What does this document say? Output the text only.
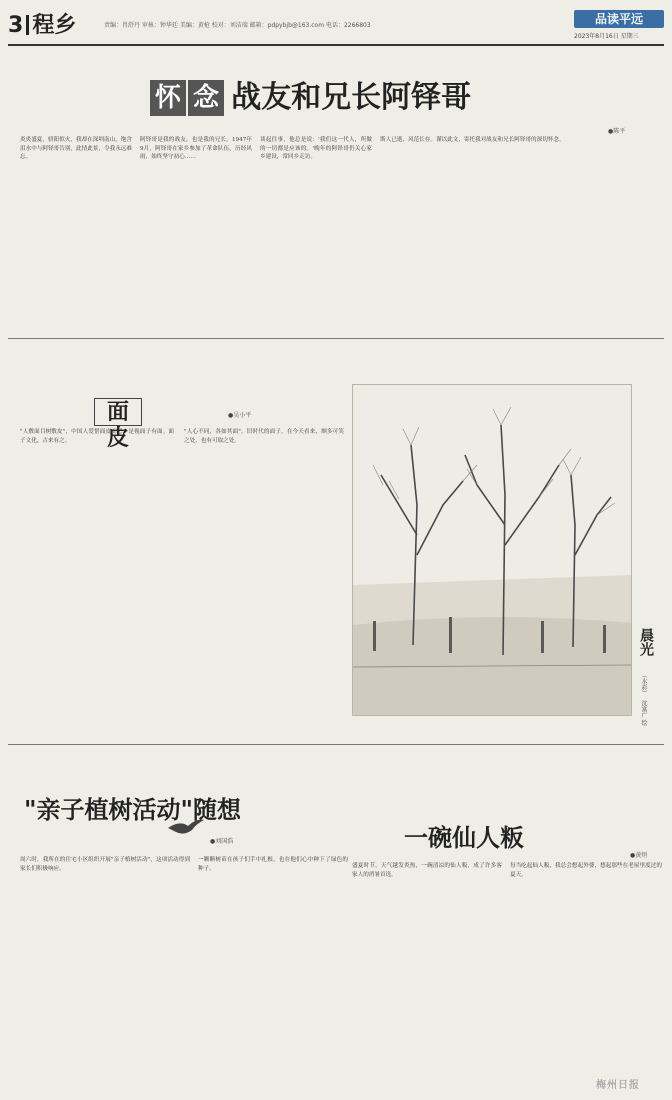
3 程乡	责编：肖舒丹 审核：钟华廷 美编：黄枪 校对：刘洁瑞 邮箱：pdpybjb@163.com 电话：2266803	品读平远
2023年8月16日 星期三
怀 念 战友和兄长阿铎哥
●陈平
炎炎盛夏，骄阳似火，我却在深圳南山，饱含泪水中与阿铎哥告别，此情此景，令我永远难忘。
阿铎哥是我的战友，也是我的兄长。1947年9月，阿铎哥在家乡参加了革命队伍，历经风雨，始终坚守初心……
谈起往事，他总是说：'我们这一代人，所做的一切都是应该的。'晚年的阿铎哥仍关心家乡建设，常回乡走访。
斯人已逝，风范长存。谨以此文，寄托我对战友和兄长阿铎哥的深切怀念。
面 皮
●吴小平
"人敷面目树敷皮"，中国人爱惜面皮而恶，是视面子有面。面子文化，古来有之。
"人心不同，各如其面"。旧时代的面子，在今天看来，颇多可笑之处，也有可取之处。
晨光
（水彩）
沈富广 绘
"亲子植树活动"随想
●刘国浩
周六时，我所在的住宅小区组织开展"亲子植树活动"，这项活动得到家长们积极响应。
一颗颗树苗在孩子们手中扎根，也在他们心中种下了绿色的种子。
一碗仙人粄
●黄烜
盛夏时节，天气越发炎热，一碗清凉的仙人粄，成了许多客家人的消暑首选。
每当吃起仙人粄，我总会想起外婆，想起那些在老屋里度过的夏天。
梅州日报
